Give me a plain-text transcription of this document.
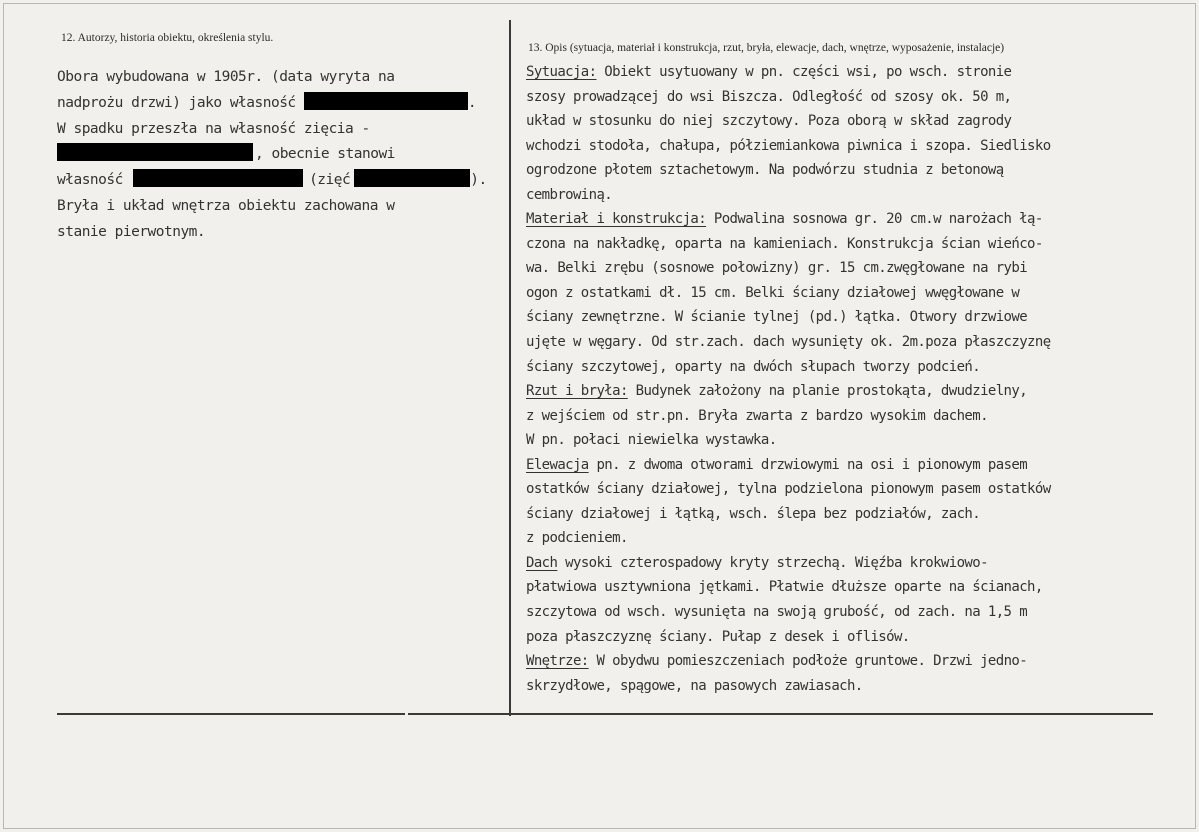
12. Autorzy, historia obiektu, określenia stylu.
13. Opis (sytuacja, materiał i konstrukcja, rzut, bryła, elewacje, dach, wnętrze, wyposażenie, instalacje)
Obora wybudowana w 1905r. (data wyryta na
nadprożu drzwi) jako własność	.
W spadku przeszła na własność zięcia -
, obecnie stanowi
własność	(zięć	).
Bryła i układ wnętrza obiektu zachowana w
stanie pierwotnym.
Sytuacja: Obiekt usytuowany w pn. części wsi, po wsch. stronie
szosy prowadzącej do wsi Biszcza. Odległość od szosy ok. 50 m,
układ w stosunku do niej szczytowy. Poza oborą w skład zagrody
wchodzi stodoła, chałupa, półziemiankowa piwnica i szopa. Siedlisko
ogrodzone płotem sztachetowym. Na podwórzu studnia z betonową
cembrowiną.
Materiał i konstrukcja: Podwalina sosnowa gr. 20 cm.w narożach łą-
czona na nakładkę, oparta na kamieniach. Konstrukcja ścian wieńco-
wa. Belki zrębu (sosnowe połowizny) gr. 15 cm.zwęgłowane na rybi
ogon z ostatkami dł. 15 cm. Belki ściany działowej wwęgłowane w
ściany zewnętrzne. W ścianie tylnej (pd.) łątka. Otwory drzwiowe
ujęte w węgary. Od str.zach. dach wysunięty ok. 2m.poza płaszczyznę
ściany szczytowej, oparty na dwóch słupach tworzy podcień.
Rzut i bryła: Budynek założony na planie prostokąta, dwudzielny,
z wejściem od str.pn. Bryła zwarta z bardzo wysokim dachem.
W pn. połaci niewielka wystawka.
Elewacja pn. z dwoma otworami drzwiowymi na osi i pionowym pasem
ostatków ściany działowej, tylna podzielona pionowym pasem ostatków
ściany działowej i łątką, wsch. ślepa bez podziałów, zach.
z podcieniem.
Dach wysoki czterospadowy kryty strzechą. Więźba krokwiowo-
płatwiowa usztywniona jętkami. Płatwie dłuższe oparte na ścianach,
szczytowa od wsch. wysunięta na swoją grubość, od zach. na 1,5 m
poza płaszczyznę ściany. Pułap z desek i oflisów.
Wnętrze: W obydwu pomieszczeniach podłoże gruntowe. Drzwi jedno-
skrzydłowe, spągowe, na pasowych zawiasach.
